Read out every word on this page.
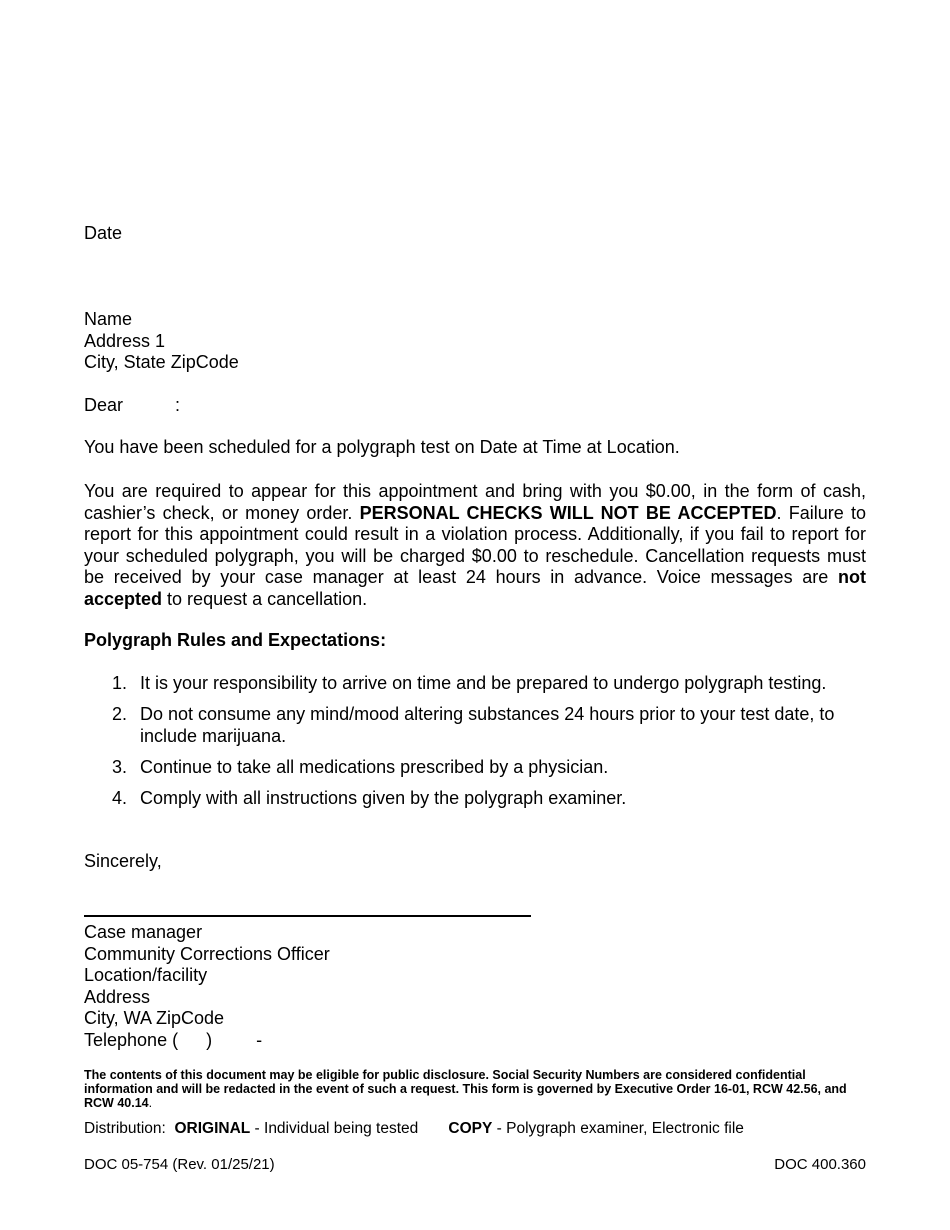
Date
Name
Address 1
City, State ZipCode
Dear	:
You have been scheduled for a polygraph test on Date at Time at Location.
You are required to appear for this appointment and bring with you $0.00, in the form of cash, cashier’s check, or money order. PERSONAL CHECKS WILL NOT BE ACCEPTED. Failure to report for this appointment could result in a violation process. Additionally, if you fail to report for your scheduled polygraph, you will be charged $0.00 to reschedule. Cancellation requests must be received by your case manager at least 24 hours in advance. Voice messages are not accepted to request a cancellation.
Polygraph Rules and Expectations:
1. It is your responsibility to arrive on time and be prepared to undergo polygraph testing.
2. Do not consume any mind/mood altering substances 24 hours prior to your test date, to include marijuana.
3. Continue to take all medications prescribed by a physician.
4. Comply with all instructions given by the polygraph examiner.
Sincerely,
Case manager
Community Corrections Officer
Location/facility
Address
City, WA ZipCode
Telephone ( ) -
The contents of this document may be eligible for public disclosure. Social Security Numbers are considered confidential information and will be redacted in the event of such a request. This form is governed by Executive Order 16-01, RCW 42.56, and RCW 40.14.
Distribution:  ORIGINAL - Individual being tested       COPY - Polygraph examiner, Electronic file
DOC 05-754 (Rev. 01/25/21)	DOC 400.360
